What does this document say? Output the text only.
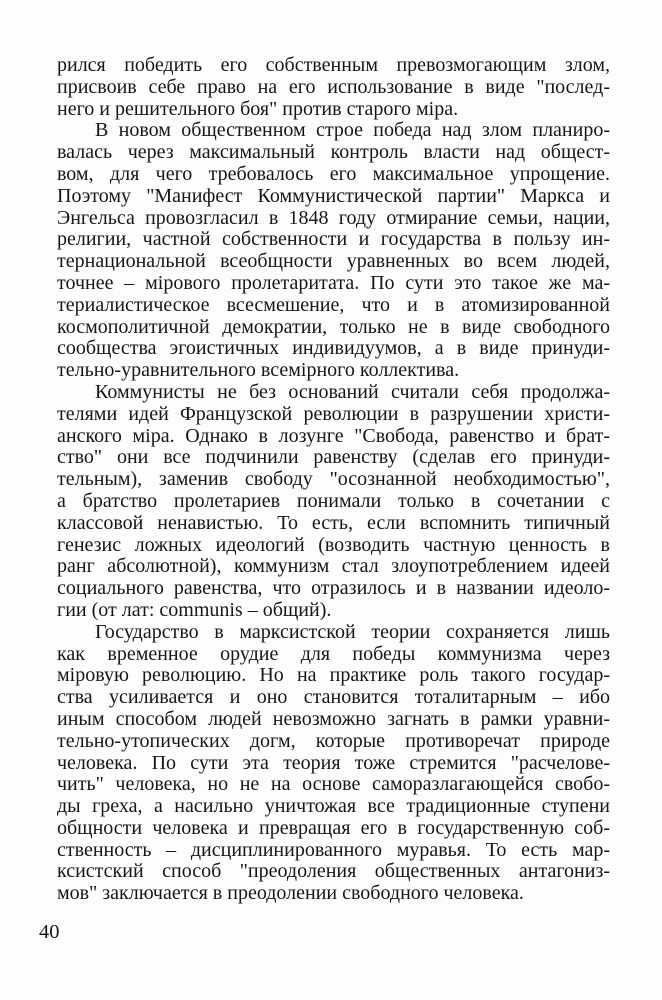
рился победить его собственным превозмогающим злом,
присвоив себе право на его использование в виде "послед-
него и решительного боя" против старого міра.
В новом общественном строе победа над злом планиро-
валась через максимальный контроль власти над общест-
вом, для чего требовалось его максимальное упрощение.
Поэтому "Манифест Коммунистической партии" Маркса и
Энгельса провозгласил в 1848 году отмирание семьи, нации,
религии, частной собственности и государства в пользу ин-
тернациональной всеобщности уравненных во всем людей,
точнее – мірового пролетаритата. По сути это такое же ма-
териалистическое всесмешение, что и в атомизированной
космополитичной демократии, только не в виде свободного
сообщества эгоистичных индивидуумов, а в виде принуди-
тельно-уравнительного всемірного коллектива.
Коммунисты не без оснований считали себя продолжа-
телями идей Французской революции в разрушении христи-
анского міра. Однако в лозунге "Свобода, равенство и брат-
ство" они все подчинили равенству (сделав его принуди-
тельным), заменив свободу "осознанной необходимостью",
а братство пролетариев понимали только в сочетании с
классовой ненавистью. То есть, если вспомнить типичный
генезис ложных идеологий (возводить частную ценность в
ранг абсолютной), коммунизм стал злоупотреблением идеей
социального равенства, что отразилось и в названии идеоло-
гии (от лат: communis – общий).
Государство в марксистской теории сохраняется лишь
как временное орудие для победы коммунизма через
міровую революцию. Но на практике роль такого государ-
ства усиливается и оно становится тоталитарным – ибо
иным способом людей невозможно загнать в рамки уравни-
тельно-утопических догм, которые противоречат природе
человека. По сути эта теория тоже стремится "расчелове-
чить" человека, но не на основе саморазлагающейся свобо-
ды греха, а насильно уничтожая все традиционные ступени
общности человека и превращая его в государственную соб-
ственность – дисциплинированного муравья. То есть мар-
ксистский способ "преодоления общественных антагониз-
мов" заключается в преодолении свободного человека.
40
